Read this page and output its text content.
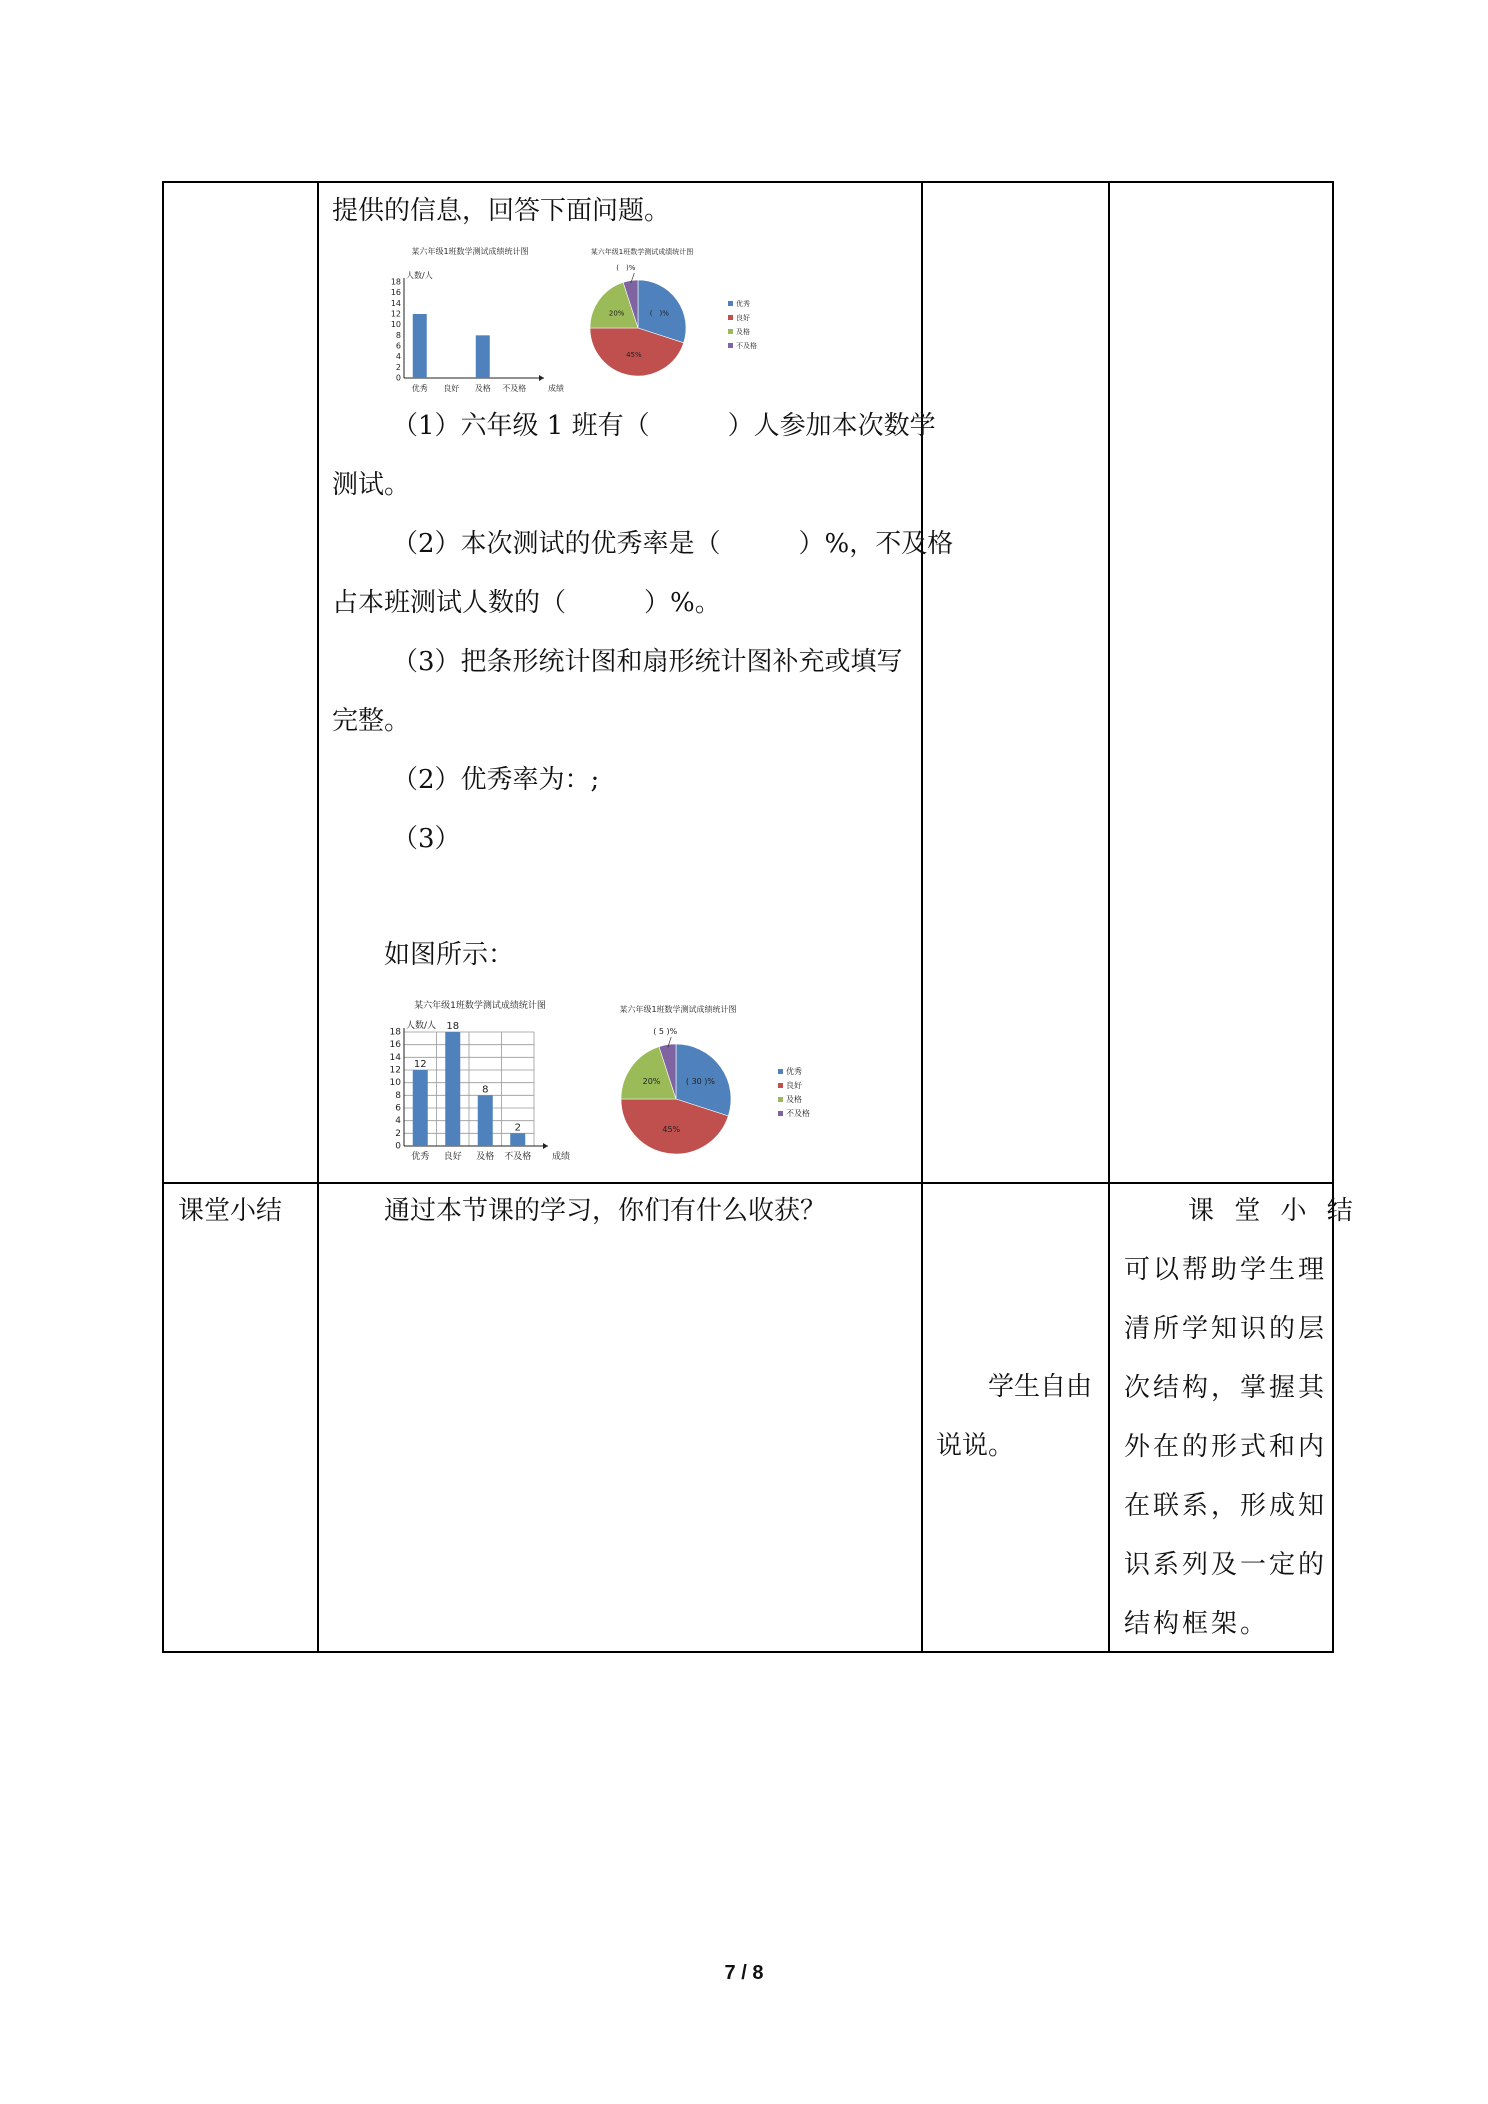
提供的信息，回答下面问题。
某六年级1班数学测试成绩统计图
人数/人
0
2
4
6
8
10
12
14
16
18
成绩
优秀 良好 及格 不及格
某六年级1班数学测试成绩统计图
(　)%
45%
20%
(　)%
优秀
良好
及格
不及格
（1）六年级 1 班有（　　　）人参加本次数学
测试。
（2）本次测试的优秀率是（　　　）%，不及格
占本班测试人数的（　　　）%。
（3）把条形统计图和扇形统计图补充或填写
完整。
（2）优秀率为：;
（3）
如图所示：
某六年级1班数学测试成绩统计图
人数/人
0
2
4
6
8
10
12
14
16
18
成绩
12
优秀
18
良好
8
及格
2
不及格
某六年级1班数学测试成绩统计图
( 30 )%
45%
20%
( 5 )%
优秀
良好
及格
不及格
课堂小结	通过本节课的学习，你们有什么收获？
学生自由
说说。
课 堂 小 结
可以帮助学生理
清所学知识的层
次结构，掌握其
外在的形式和内
在联系，形成知
识系列及一定的
结构框架。
7 / 8
